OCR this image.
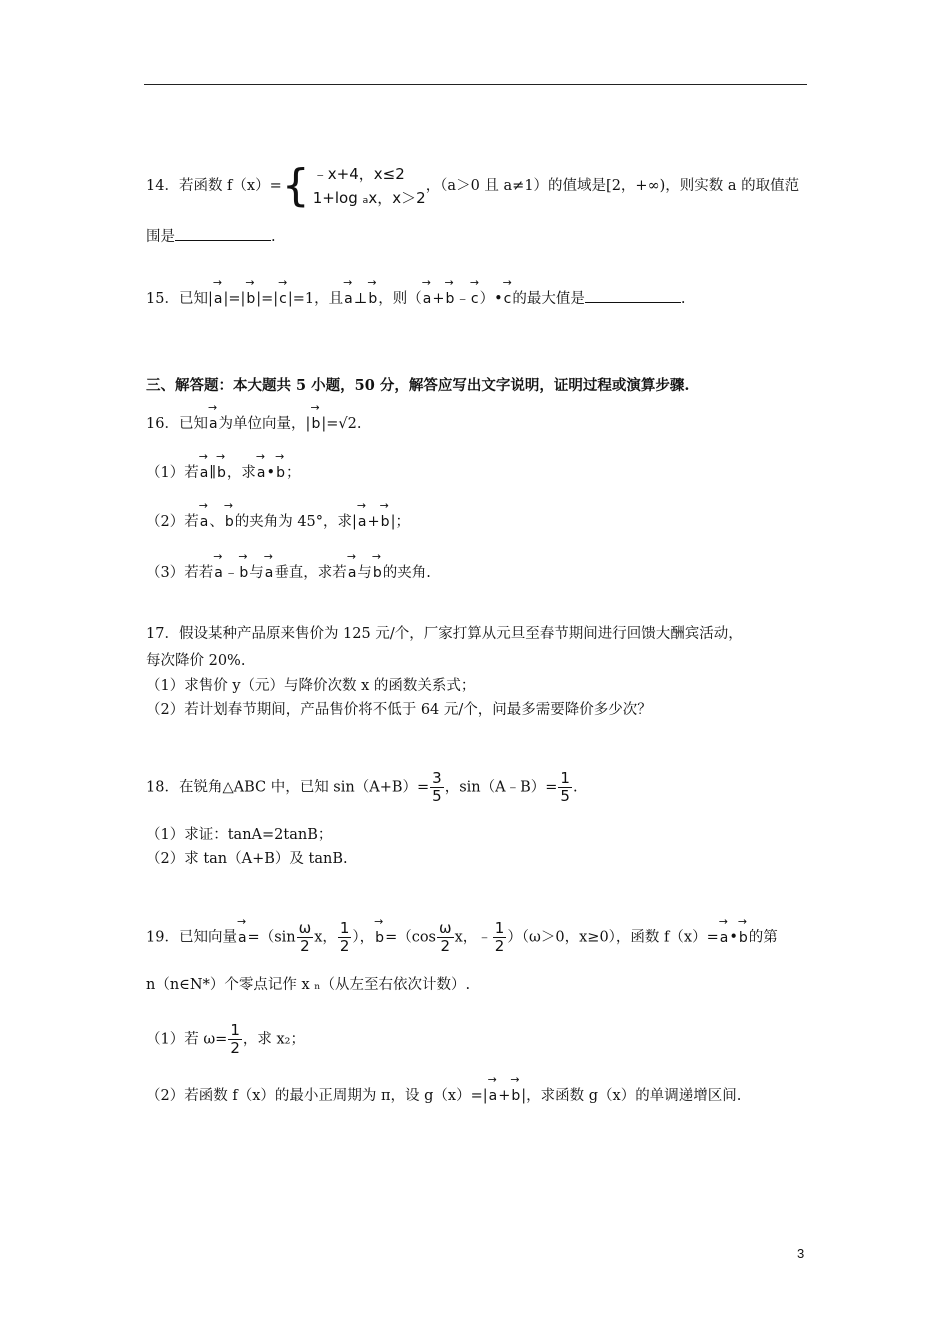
14．若函数 f（x）= { ﹣x+4，x≤2
1+log ₐx，x＞2
，（a＞0 且 a≠1）的值域是[2，+∞)，则实数 a 的取值范
围是	.
15．已知|
→
a|=|
→
b|=|
→
c|=1，且
→
a⊥
→
b，则（
→
a+
→
b﹣
→
c）•
→
c的最大值是	.
三、解答题：本大题共 5 小题，50 分，解答应写出文字说明，证明过程或演算步骤.
16．已知
→
a为单位向量，|
→
b|=√2.
（1）若
→
a∥
→
b，求
→
a•
→
b；
（2）若
→
a、
→
b的夹角为 45°，求|
→
a+
→
b|；
（3）若若
→
a﹣
→
b与
→
a垂直，求若
→
a与
→
b的夹角.
17．假设某种产品原来售价为 125 元/个，厂家打算从元旦至春节期间进行回馈大酬宾活动，
每次降价 20%.
（1）求售价 y（元）与降价次数 x 的函数关系式；
（2）若计划春节期间，产品售价将不低于 64 元/个，问最多需要降价多少次？
18．在锐角△ABC 中，已知 $\sin(A+B)= \frac{3}{5}$ ，sin（A﹣B）= $\frac{1}{5}$ .
（1）求证：tanA=2tanB；
（2）求 tan（A+B）及 tanB.
19．已知向量
→
$a=(\sin \frac{\omega}{2}$ x， $\frac{1}{2}$ ），
→
$b=(\cos \frac{\omega}{2}$ x，﹣ $\frac{1}{2} )(\omega>0$，x≥0），函数 f（x）=
→
a•
→
b的第
n（n∈N*）个零点记作 x ₙ（从左至右依次计数）.
（1）若 $\omega= \frac{1}{2}$ ，求 x₂；
（2）若函数 f（x）的最小正周期为 π，设 g（x）=|
→
a+
→
b|，求函数 g（x）的单调递增区间.
3
